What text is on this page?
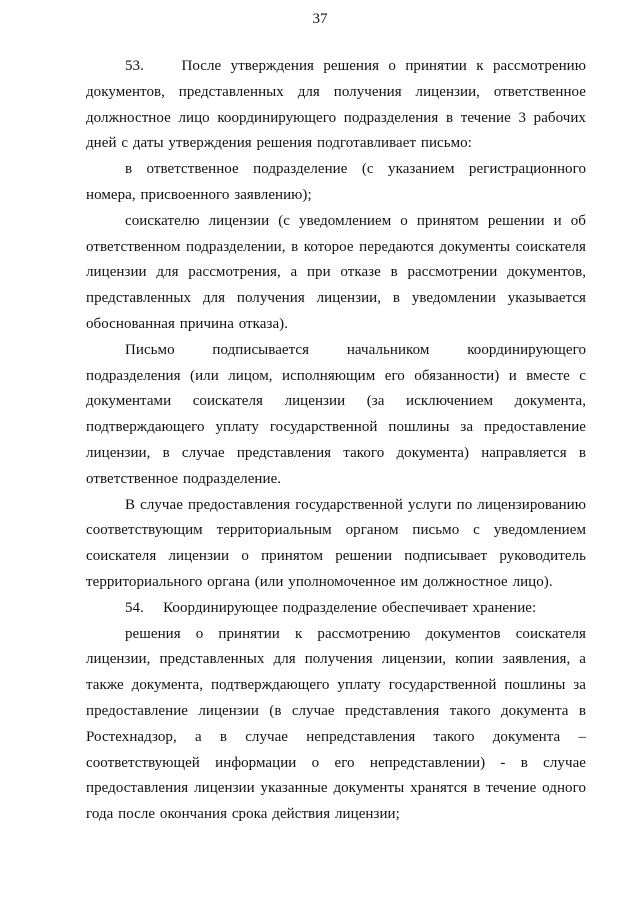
37

53.    После утверждения решения о принятии к рассмотрению документов, представленных для получения лицензии, ответственное должностное лицо координирующего подразделения в течение 3 рабочих дней с даты утверждения решения подготавливает письмо:

в ответственное подразделение (с указанием регистрационного номера, присвоенного заявлению);

соискателю лицензии (с уведомлением о принятом решении и об ответственном подразделении, в которое передаются документы соискателя лицензии для рассмотрения, а при отказе в рассмотрении документов, представленных для получения лицензии, в уведомлении указывается обоснованная причина отказа).

Письмо подписывается начальником координирующего подразделения (или лицом, исполняющим его обязанности) и вместе с документами соискателя лицензии (за исключением документа, подтверждающего уплату государственной пошлины за предоставление лицензии, в случае представления такого документа) направляется в ответственное подразделение.

В случае предоставления государственной услуги по лицензированию соответствующим территориальным органом письмо с уведомлением соискателя лицензии о принятом решении подписывает руководитель территориального органа (или уполномоченное им должностное лицо).

54.    Координирующее подразделение обеспечивает хранение:

решения о принятии к рассмотрению документов соискателя лицензии, представленных для получения лицензии, копии заявления, а также документа, подтверждающего уплату государственной пошлины за предоставление лицензии (в случае представления такого документа в Ростехнадзор, а в случае непредставления такого документа – соответствующей информации о его непредставлении) - в случае предоставления лицензии указанные документы хранятся в течение одного года после окончания срока действия лицензии;
